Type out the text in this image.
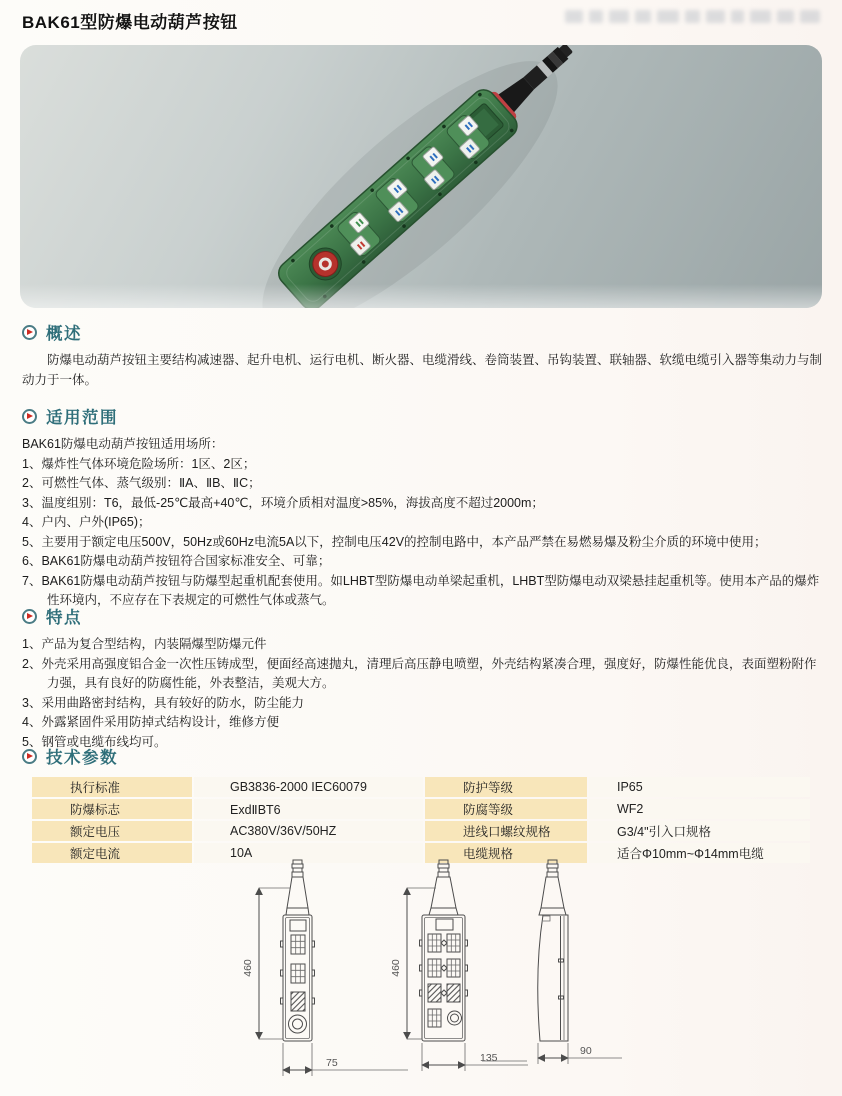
BAK61型防爆电动葫芦按钮
概述
防爆电动葫芦按钮主要结构减速器、起升电机、运行电机、断火器、电缆滑线、卷筒装置、吊钩装置、联轴器、软缆电缆引入器等集动力与制动力于一体。
适用范围
BAK61防爆电动葫芦按钮适用场所：
1、爆炸性气体环境危险场所：1区、2区；
2、可燃性气体、蒸气级别：ⅡA、ⅡB、ⅡC；
3、温度组别：T6，最低-25℃最高+40℃，环境介质相对温度>85%，海拔高度不超过2000m；
4、户内、户外(IP65)；
5、主要用于额定电压500V，50Hz或60Hz电流5A以下，控制电压42V的控制电路中，本产品严禁在易燃易爆及粉尘介质的环境中使用；
6、BAK61防爆电动葫芦按钮符合国家标准安全、可靠；
7、BAK61防爆电动葫芦按钮与防爆型起重机配套使用。如LHBT型防爆电动单梁起重机，LHBT型防爆电动双梁悬挂起重机等。使用本产品的爆炸性环境内，不应存在下表规定的可燃性气体或蒸气。
特点
1、产品为复合型结构，内装隔爆型防爆元件
2、外壳采用高强度铝合金一次性压铸成型，便面经高速抛丸，清理后高压静电喷塑，外壳结构紧凑合理，强度好，防爆性能优良，表面塑粉附作力强，具有良好的防腐性能，外表整洁，美观大方。
3、采用曲路密封结构，具有较好的防水，防尘能力
4、外露紧固件采用防掉式结构设计，维修方便
5、钢管或电缆布线均可。
技术参数
执行标准	GB3836-2000 IEC60079	防护等级	IP65
防爆标志	ExdⅡBT6	防腐等级	WF2
额定电压	AC380V/36V/50HZ	进线口螺纹规格	G3/4"引入口规格
额定电流	10A	电缆规格	适合Φ10mm~Φ14mm电缆
460
75
460
135
90
